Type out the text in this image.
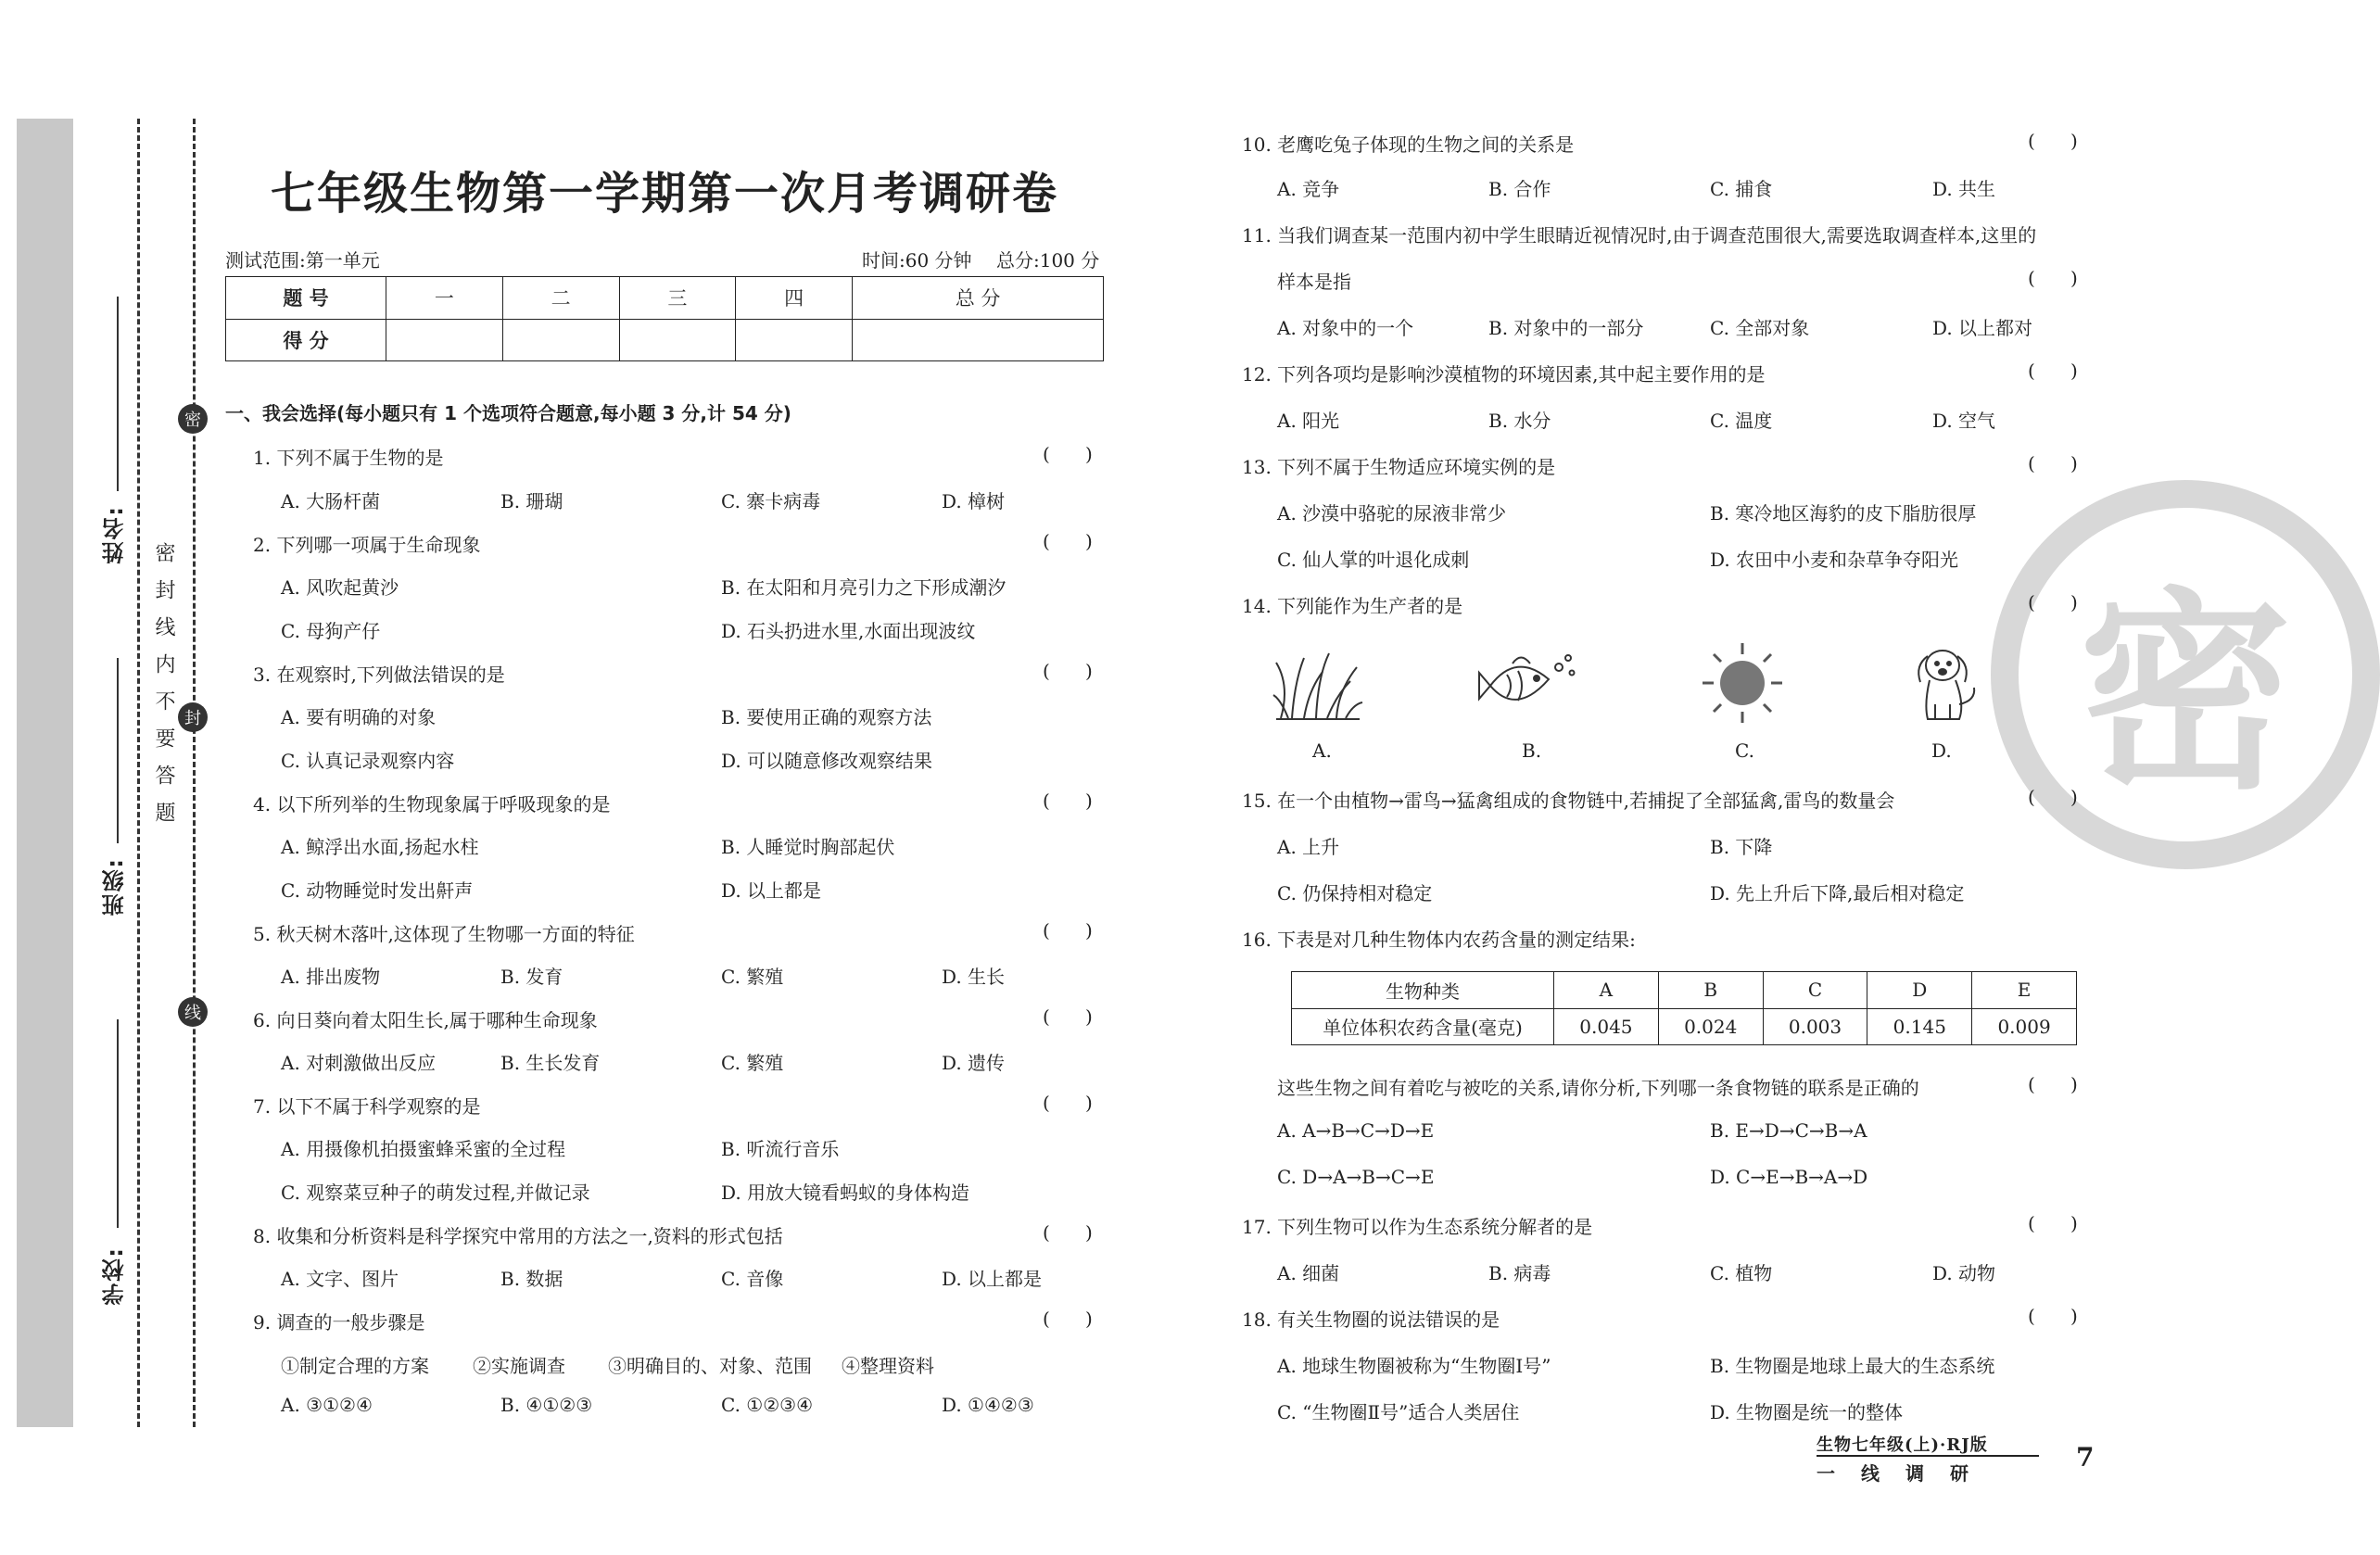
学校:
班级:
姓名:
密封线内不要答题
密
封
线
七年级生物第一学期第一次月考调研卷
测试范围:第一单元	时间:60 分钟 总分:100 分
题 号	一	二	三	四	总 分
得 分					
一、我会选择(每小题只有 1 个选项符合题意,每小题 3 分,计 54 分)
1. 下列不属于生物的是	(      )
A. 大肠杆菌	B. 珊瑚	C. 寨卡病毒	D. 樟树
2. 下列哪一项属于生命现象	(      )
A. 风吹起黄沙	B. 在太阳和月亮引力之下形成潮汐
C. 母狗产仔	D. 石头扔进水里,水面出现波纹
3. 在观察时,下列做法错误的是	(      )
A. 要有明确的对象	B. 要使用正确的观察方法
C. 认真记录观察内容	D. 可以随意修改观察结果
4. 以下所列举的生物现象属于呼吸现象的是	(      )
A. 鲸浮出水面,扬起水柱	B. 人睡觉时胸部起伏
C. 动物睡觉时发出鼾声	D. 以上都是
5. 秋天树木落叶,这体现了生物哪一方面的特征	(      )
A. 排出废物	B. 发育	C. 繁殖	D. 生长
6. 向日葵向着太阳生长,属于哪种生命现象	(      )
A. 对刺激做出反应	B. 生长发育	C. 繁殖	D. 遗传
7. 以下不属于科学观察的是	(      )
A. 用摄像机拍摄蜜蜂采蜜的全过程	B. 听流行音乐
C. 观察菜豆种子的萌发过程,并做记录	D. 用放大镜看蚂蚁的身体构造
8. 收集和分析资料是科学探究中常用的方法之一,资料的形式包括	(      )
A. 文字、图片	B. 数据	C. 音像	D. 以上都是
9. 调查的一般步骤是	(      )
①制定合理的方案 ②实施调查 ③明确目的、对象、范围 ④整理资料
A. ③①②④	B. ④①②③	C. ①②③④	D. ①④②③
密
10. 老鹰吃兔子体现的生物之间的关系是	(      )
A. 竞争	B. 合作	C. 捕食	D. 共生
11. 当我们调查某一范围内初中学生眼睛近视情况时,由于调查范围很大,需要选取调查样本,这里的
样本是指	(      )
A. 对象中的一个	B. 对象中的一部分	C. 全部对象	D. 以上都对
12. 下列各项均是影响沙漠植物的环境因素,其中起主要作用的是	(      )
A. 阳光	B. 水分	C. 温度	D. 空气
13. 下列不属于生物适应环境实例的是	(      )
A. 沙漠中骆驼的尿液非常少	B. 寒冷地区海豹的皮下脂肪很厚
C. 仙人掌的叶退化成刺	D. 农田中小麦和杂草争夺阳光
14. 下列能作为生产者的是	(      )
A.	B.	C.	D.
15. 在一个由植物→雷鸟→猛禽组成的食物链中,若捕捉了全部猛禽,雷鸟的数量会	(      )
A. 上升	B. 下降
C. 仍保持相对稳定	D. 先上升后下降,最后相对稳定
16. 下表是对几种生物体内农药含量的测定结果:
生物种类	A	B	C	D	E
单位体积农药含量(毫克)	0.045	0.024	0.003	0.145	0.009
这些生物之间有着吃与被吃的关系,请你分析,下列哪一条食物链的联系是正确的	(      )
A. A→B→C→D→E	B. E→D→C→B→A
C. D→A→B→C→E	D. C→E→B→A→D
17. 下列生物可以作为生态系统分解者的是	(      )
A. 细菌	B. 病毒	C. 植物	D. 动物
18. 有关生物圈的说法错误的是	(      )
A. 地球生物圈被称为“生物圈Ⅰ号”	B. 生物圈是地球上最大的生态系统
C. “生物圈Ⅱ号”适合人类居住	D. 生物圈是统一的整体
生物七年级(上)·RJ版
一线调研
7
